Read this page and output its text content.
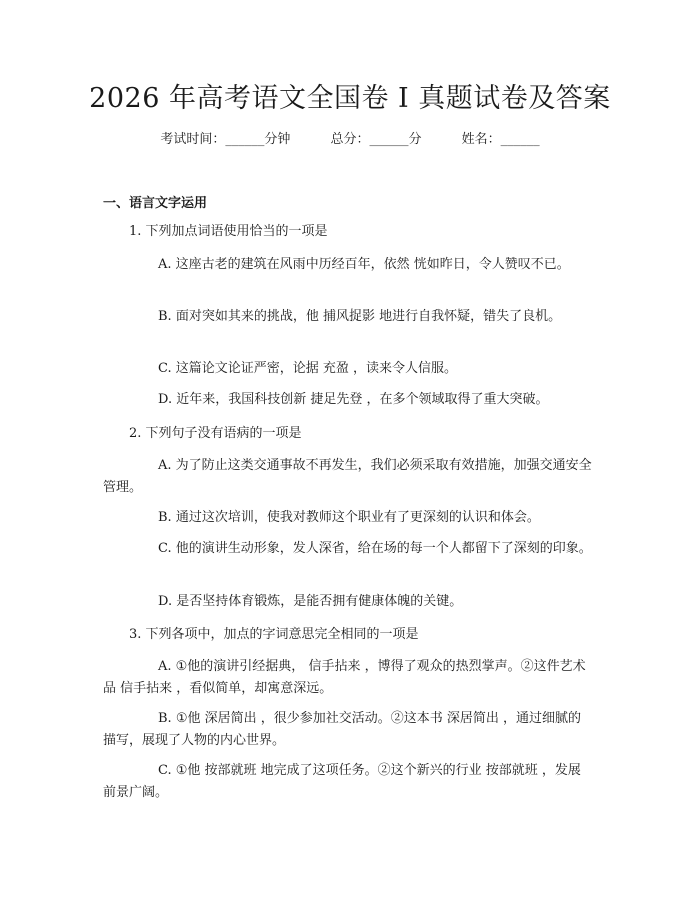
2026 年高考语文全国卷 I 真题试卷及答案
考试时间：______分钟	总分：______分	姓名：______
一、语言文字运用
1. 下列加点词语使用恰当的一项是
A. 这座古老的建筑在风雨中历经百年，依然 恍如昨日，令人赞叹不已。
B. 面对突如其来的挑战，他 捕风捉影 地进行自我怀疑，错失了良机。
C. 这篇论文论证严密，论据 充盈 ，读来令人信服。
D. 近年来，我国科技创新 捷足先登 ，在多个领域取得了重大突破。
2. 下列句子没有语病的一项是
A. 为了防止这类交通事故不再发生，我们必须采取有效措施，加强交通安全管理。
B. 通过这次培训，使我对教师这个职业有了更深刻的认识和体会。
C. 他的演讲生动形象，发人深省，给在场的每一个人都留下了深刻的印象。
D. 是否坚持体育锻炼，是能否拥有健康体魄的关键。
3. 下列各项中，加点的字词意思完全相同的一项是
A. ①他的演讲引经据典， 信手拈来 ，博得了观众的热烈掌声。②这件艺术品 信手拈来 ，看似简单，却寓意深远。
B. ①他 深居简出 ，很少参加社交活动。②这本书 深居简出 ，通过细腻的描写，展现了人物的内心世界。
C. ①他 按部就班 地完成了这项任务。②这个新兴的行业 按部就班 ，发展前景广阔。
